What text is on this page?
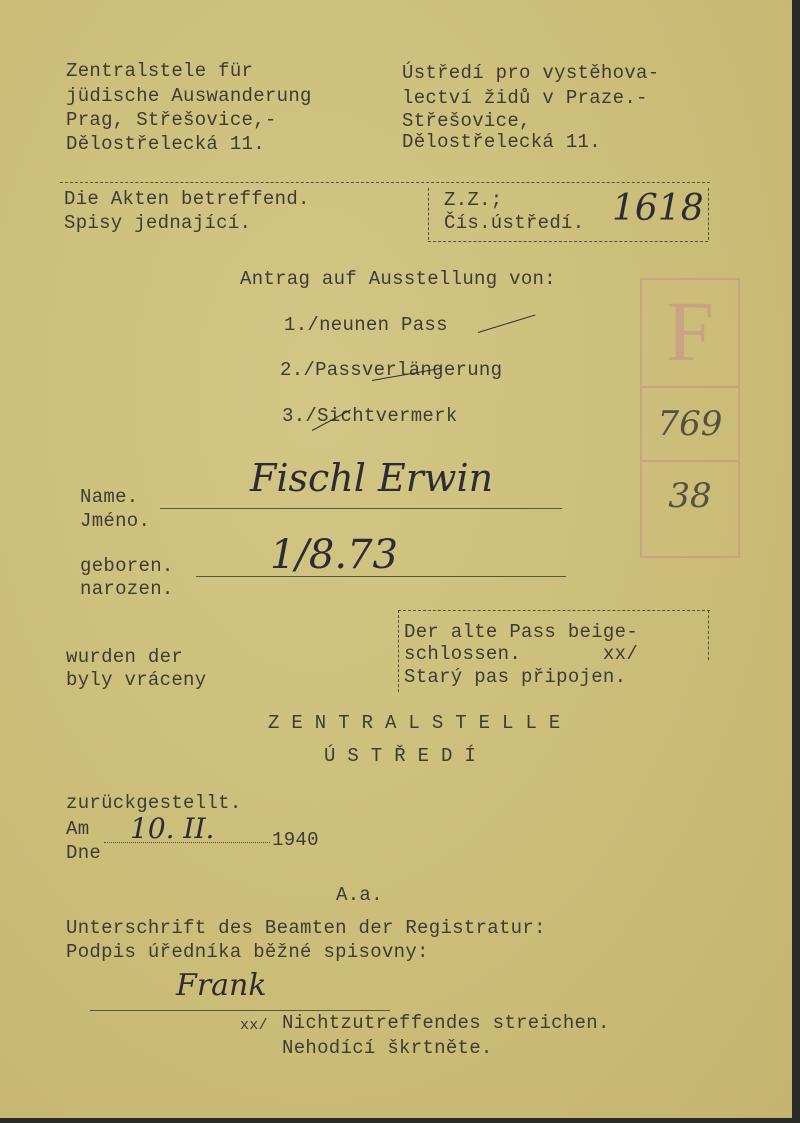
Zentralstele für
jüdische Auswanderung
Prag, Střešovice,-
Dělostřelecká 11.
Ústředí pro vystěhova-
lectví židů v Praze.-
Střešovice,
Dělostřelecká 11.
Die Akten betreffend.
Spisy jednající.
Z.Z.;
Čís.ústředí. 1618
Antrag auf Ausstellung von:
1./neunen Pass
2./Passverlängerung
3./Sichtvermerk
F
769
38
Name.
Jméno.
Fischl Erwin
geboren.
narozen.
1/8.73
wurden der
byly vráceny
Der alte Pass beige-
schlossen.       xx/
Starý pas připojen.
Z E N T R A L S T E L L E
Ú S T Ř E D Í
zurückgestellt.
Am
Dne
10. II.	1940
A.a.
Unterschrift des Beamten der Registratur:
Podpis úředníka běžné spisovny:
Frank
xx/ Nichtzutreffendes streichen.
Nehodící škrtněte.
